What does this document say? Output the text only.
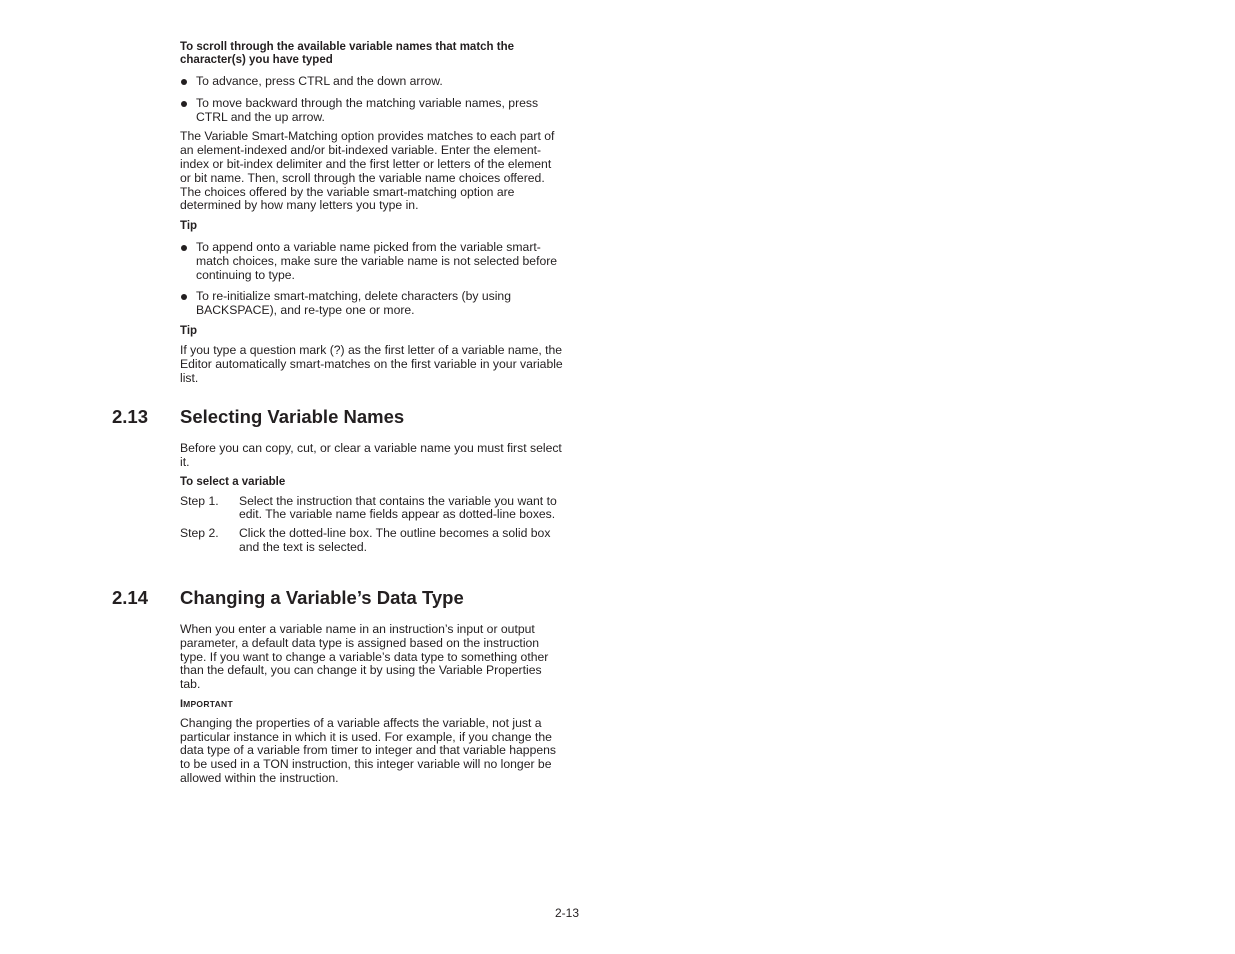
To scroll through the available variable names that match the character(s) you have typed

To advance, press CTRL and the down arrow.
To move backward through the matching variable names, press CTRL and the up arrow.

The Variable Smart-Matching option provides matches to each part of an element-indexed and/or bit-indexed variable. Enter the element-index or bit-index delimiter and the first letter or letters of the element or bit name. Then, scroll through the variable name choices offered. The choices offered by the variable smart-matching option are determined by how many letters you type in.

Tip

To append onto a variable name picked from the variable smart-match choices, make sure the variable name is not selected before continuing to type.
To re-initialize smart-matching, delete characters (by using BACKSPACE), and re-type one or more.

Tip

If you type a question mark (?) as the first letter of a variable name, the Editor automatically smart-matches on the first variable in your variable list.

2.13 Selecting Variable Names

Before you can copy, cut, or clear a variable name you must first select it.

To select a variable

Step 1. Select the instruction that contains the variable you want to edit. The variable name fields appear as dotted-line boxes.
Step 2. Click the dotted-line box. The outline becomes a solid box and the text is selected.
2.14 Changing a Variable’s Data Type

When you enter a variable name in an instruction’s input or output parameter, a default data type is assigned based on the instruction type. If you want to change a variable’s data type to something other than the default, you can change it by using the Variable Properties tab.

IMPORTANT

Changing the properties of a variable affects the variable, not just a particular instance in which it is used. For example, if you change the data type of a variable from timer to integer and that variable happens to be used in a TON instruction, this integer variable will no longer be allowed within the instruction.

2-13
